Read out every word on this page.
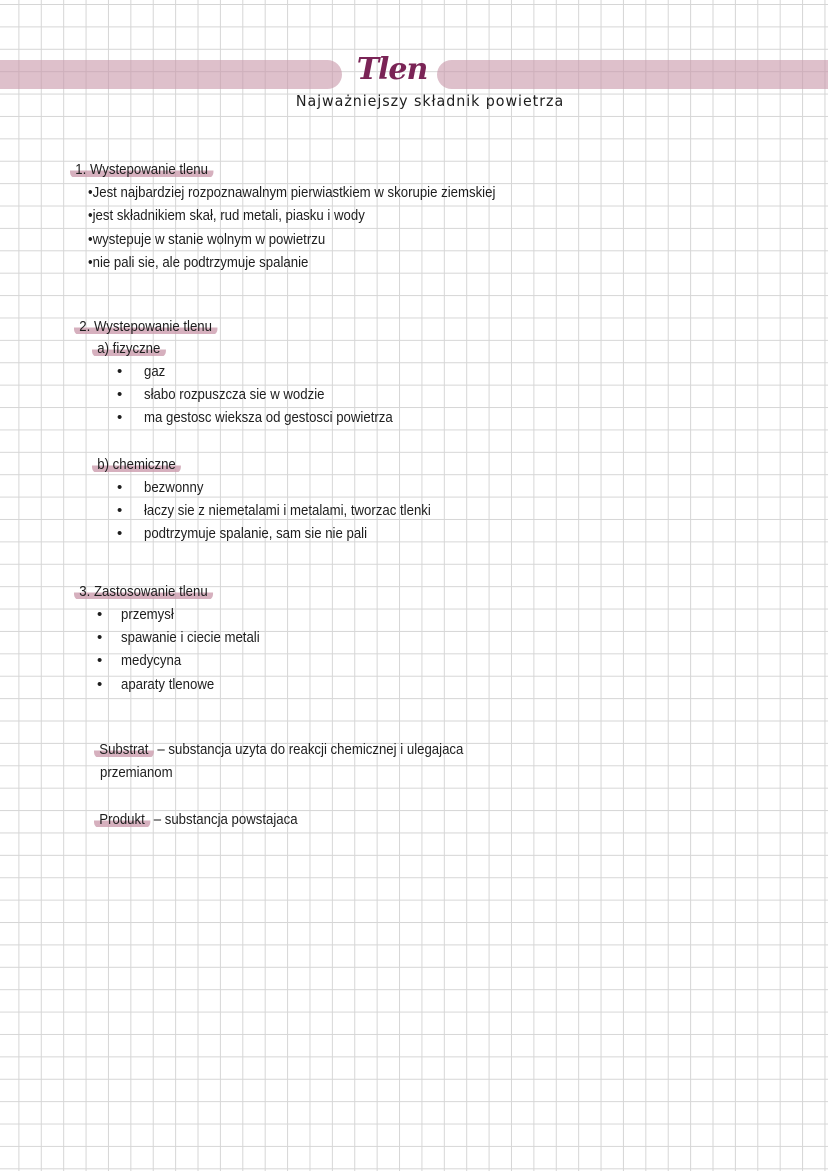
Tlen
Najważniejszy składnik powietrza
1. Wystepowanie tlenu
•Jest najbardziej rozpoznawalnym pierwiastkiem w skorupie ziemskiej
•jest składnikiem skał, rud metali, piasku i wody
•wystepuje w stanie wolnym w powietrzu
•nie pali sie, ale podtrzymuje spalanie
2. Wystepowanie tlenu
a) fizyczne
• gaz
• słabo rozpuszcza sie w wodzie
• ma gestosc wieksza od gestosci powietrza
b) chemiczne
• bezwonny
• łaczy sie z niemetalami i metalami, tworzac tlenki
• podtrzymuje spalanie, sam sie nie pali
3. Zastosowanie tlenu
• przemysł
• spawanie i ciecie metali
• medycyna
• aparaty tlenowe
Substrat – substancja uzyta do reakcji chemicznej i ulegajaca
przemianom
Produkt – substancja powstajaca
